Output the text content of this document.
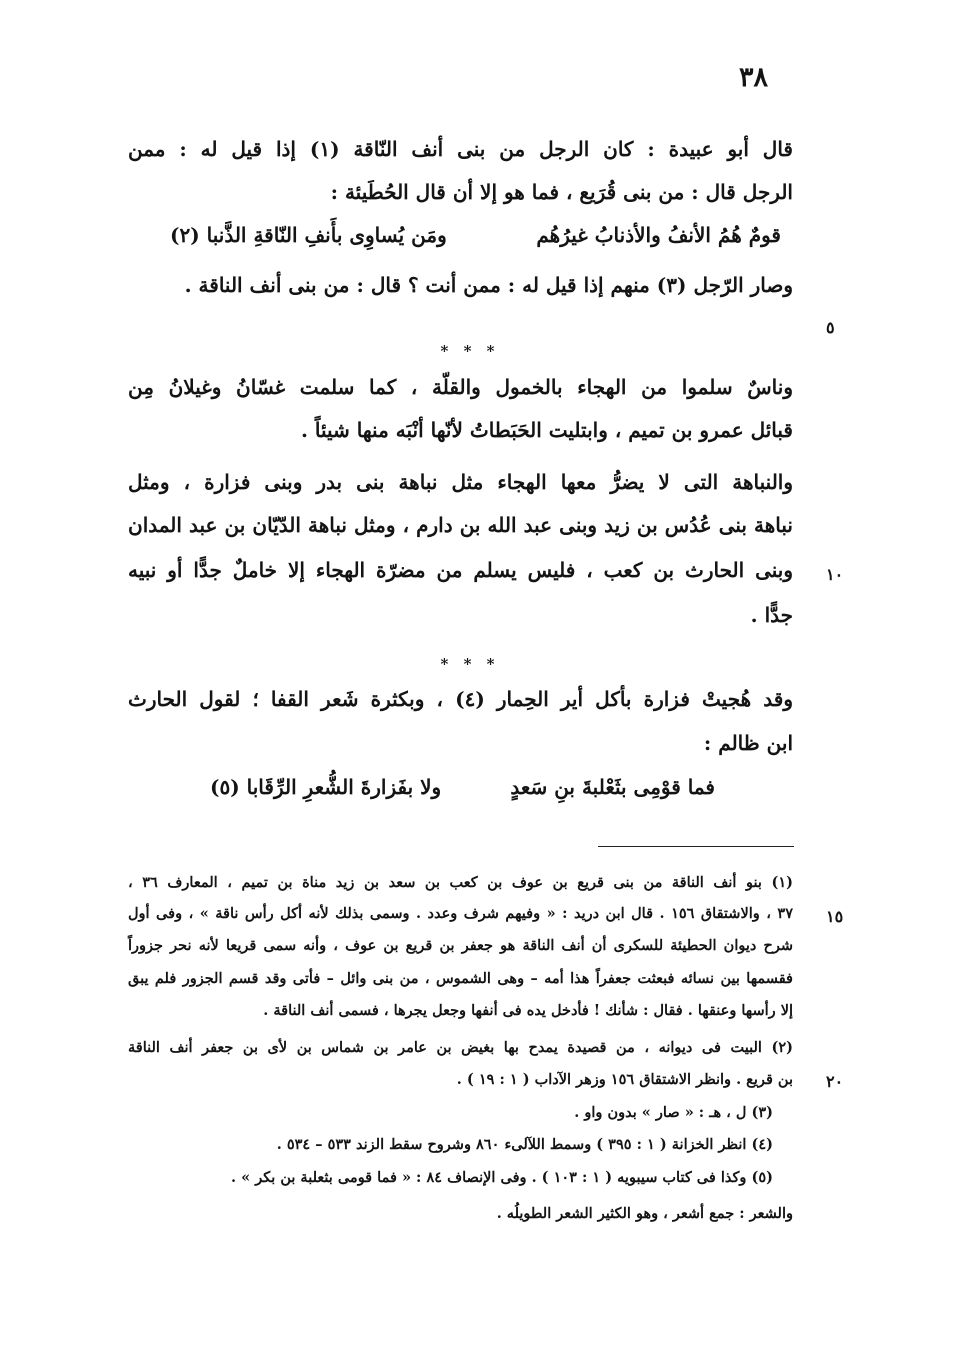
٣٨
قال أبو عبيدة : كان الرجل من بنى أنف النّاقة (١) إذا قيل له : ممن
الرجل قال : من بنى قُرَيع ، فما هو إلا أن قال الحُطَيئة :
قومٌ هُمُ الأنفُ والأذنابُ غيرُهُم
ومَن يُساوِى بأَنفِ النّاقةِ الذَّنبا (٢)
وصار الرّجل (٣) منهم إذا قيل له : ممن أنت ؟ قال : من بنى أنف الناقة .
٥
* * *
وناسٌ سلموا من الهجاء بالخمول والقلّة ، كما سلمت غسّانُ وغيلانُ مِن
قبائل عمرو بن تميم ، وابتليت الحَبَطاتُ لأنّها أنْبَه منها شيئاً .
والنباهة التى لا يضرُّ معها الهجاء مثل نباهة بنى بدر وبنى فزارة ، ومثل
نباهة بنى عُدُس بن زيد وبنى عبد الله بن دارم ، ومثل نباهة الدّيّان بن عبد المدان
وبنى الحارث بن كعب ، فليس يسلم من مضرّة الهجاء إلا خاملٌ جدًّا أو نبيه ١٠
جدًّا .
* * *
وقد هُجيتْ فزارة بأكل أير الحِمار (٤) ، وبكثرة شَعر القفا ؛ لقول الحارث
ابن ظالم :
فما قوْمِى بثَعْلبةَ بنِ سَعدٍ
ولا بفَزارةَ الشُّعرِ الرِّقَابا (٥)
(١) بنو أنف الناقة من بنى قريع بن عوف بن كعب بن سعد بن زيد مناة بن تميم ، المعارف ٣٦ ،
٣٧ ، والاشتقاق ١٥٦ . قال ابن دريد : « وفيهم شرف وعدد . وسمى بذلك لأنه أكل رأس ناقة » ، وفى أول ١٥
شرح ديوان الحطيئة للسكرى أن أنف الناقة هو جعفر بن قريع بن عوف ، وأنه سمى قريعا لأنه نحر جزوراً
فقسمها بين نسائه فبعثت جعفراً هذا أمه – وهى الشموس ، من بنى وائل – فأتى وقد قسم الجزور فلم يبق
إلا رأسها وعنقها . فقال : شأنك ! فأدخل يده فى أنفها وجعل يجرها ، فسمى أنف الناقة .
(٢) البيت فى ديوانه ، من قصيدة يمدح بها بغيض بن عامر بن شماس بن لأى بن جعفر أنف الناقة
بن قريع . وانظر الاشتقاق ١٥٦ وزهر الآداب ( ١ : ١٩ ) . ٢٠
(٣) ل ، هـ : « صار » بدون واو .
(٤) انظر الخزانة ( ١ : ٣٩٥ ) وسمط اللآلىء ٨٦٠ وشروح سقط الزند ٥٣٣ – ٥٣٤ .
(٥) وكذا فى كتاب سيبويه ( ١ : ١٠٣ ) . وفى الإنصاف ٨٤ : « فما قومى بثعلبة بن بكر » .
والشعر : جمع أشعر ، وهو الكثير الشعر الطويلُه .
